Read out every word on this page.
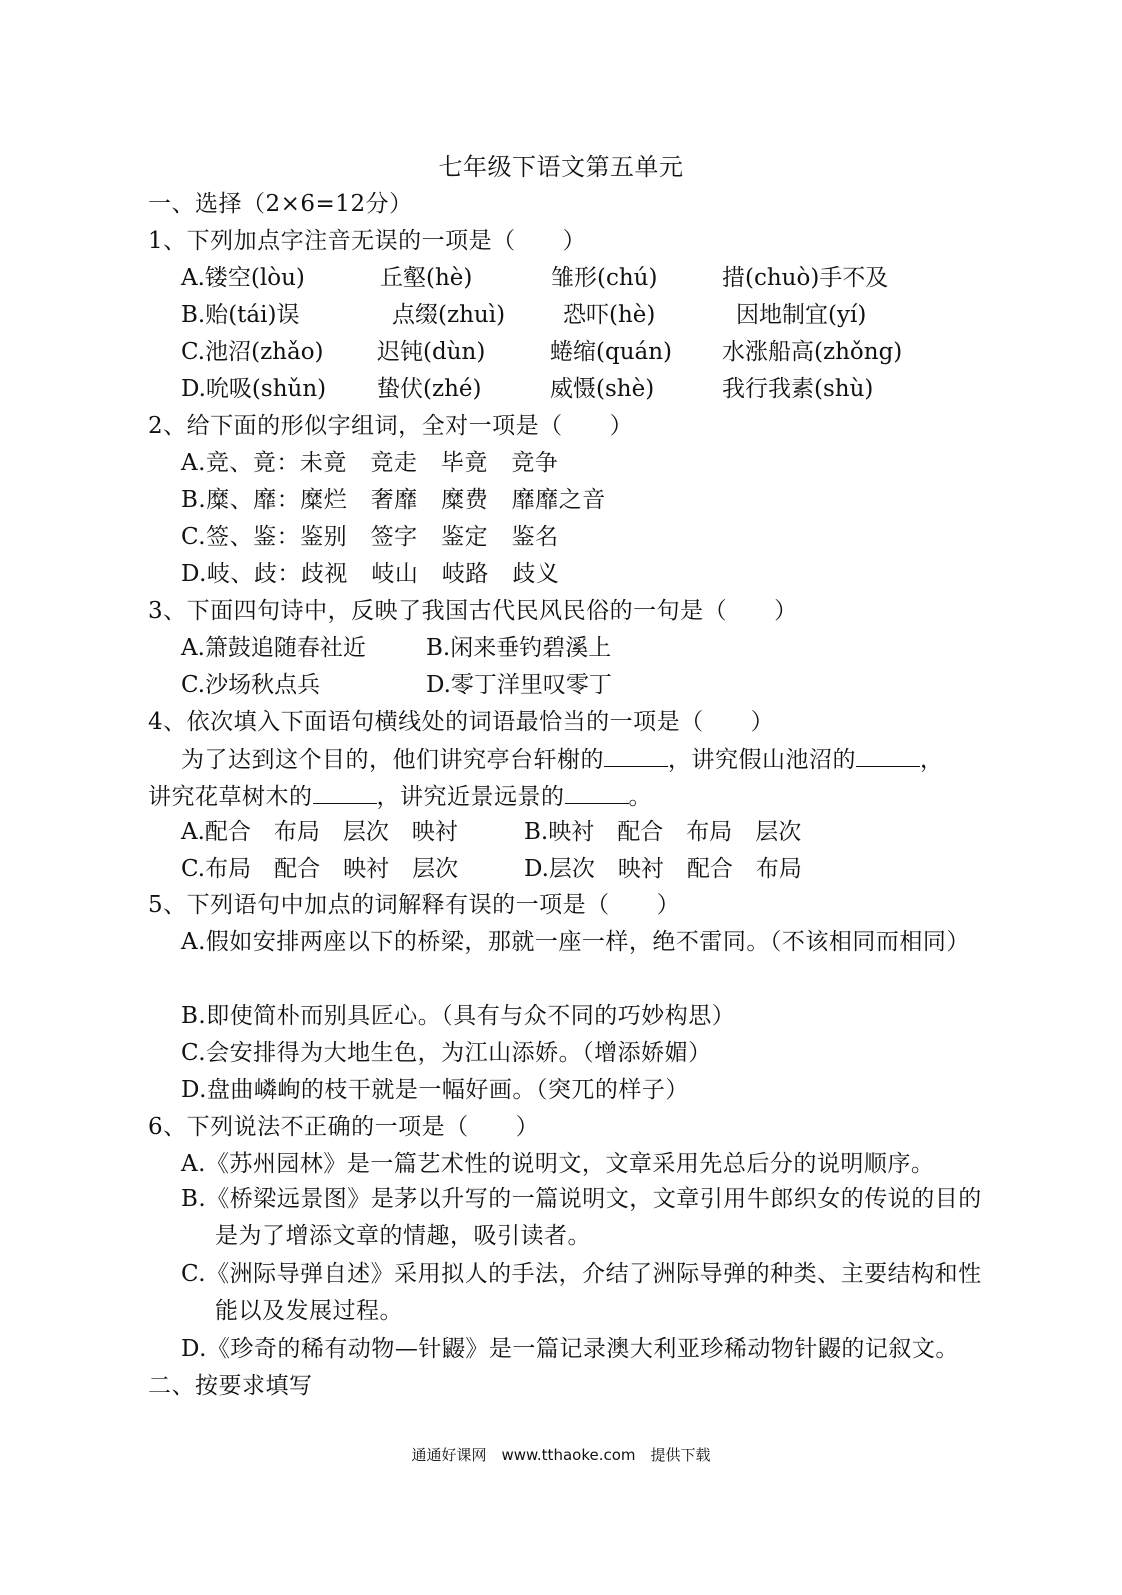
七年级下语文第五单元
一、选择（2×6=12分）
1、下列加点字注音无误的一项是（　　）
A.镂空(lòu)	丘壑(hè)	雏形(chú)	措(chuò)手不及
B.贻(tái)误	点缀(zhuì)	恐吓(hè)	因地制宜(yí)
C.池沼(zhǎo) 迟钝(dùn)	蜷缩(quán) 水涨船高(zhǒng)
D.吮吸(shǔn) 蛰伏(zhé)	威慑(shè)	我行我素(shù)
2、给下面的形似字组词，全对一项是（　　）
A.竞、竟：未竟　竞走　毕竟　竞争
B.糜、靡：糜烂　奢靡　糜费　靡靡之音
C.签、鉴：鉴别　签字　鉴定　鉴名
D.岐、歧：歧视　岐山　岐路　歧义
3、下面四句诗中，反映了我国古代民风民俗的一句是（　　）
A.箫鼓追随春社近	B.闲来垂钓碧溪上
C.沙场秋点兵	D.零丁洋里叹零丁
4、依次填入下面语句横线处的词语最恰当的一项是（　　）
为了达到这个目的，他们讲究亭台轩榭的	，讲究假山池沼的	，
讲究花草树木的	，讲究近景远景的	。
A.配合　布局　层次　映衬	B.映衬　配合　布局　层次
C.布局　配合　映衬　层次	D.层次　映衬　配合　布局
5、下列语句中加点的词解释有误的一项是（　　）
A.假如安排两座以下的桥梁，那就一座一样，绝不雷同。（不该相同而相同）
B.即使简朴而别具匠心。（具有与众不同的巧妙构思）
C.会安排得为大地生色，为江山添娇。（增添娇媚）
D.盘曲嶙峋的枝干就是一幅好画。（突兀的样子）
6、下列说法不正确的一项是（　　）
A.《苏州园林》是一篇艺术性的说明文，文章采用先总后分的说明顺序。
B.《桥梁远景图》是茅以升写的一篇说明文，文章引用牛郎织女的传说的目的是为了增添文章的情趣，吸引读者。
C.《洲际导弹自述》采用拟人的手法，介结了洲际导弹的种类、主要结构和性能以及发展过程。
D.《珍奇的稀有动物—针鼹》是一篇记录澳大利亚珍稀动物针鼹的记叙文。
二、按要求填写
通通好课网　www.tthaoke.com　提供下载
